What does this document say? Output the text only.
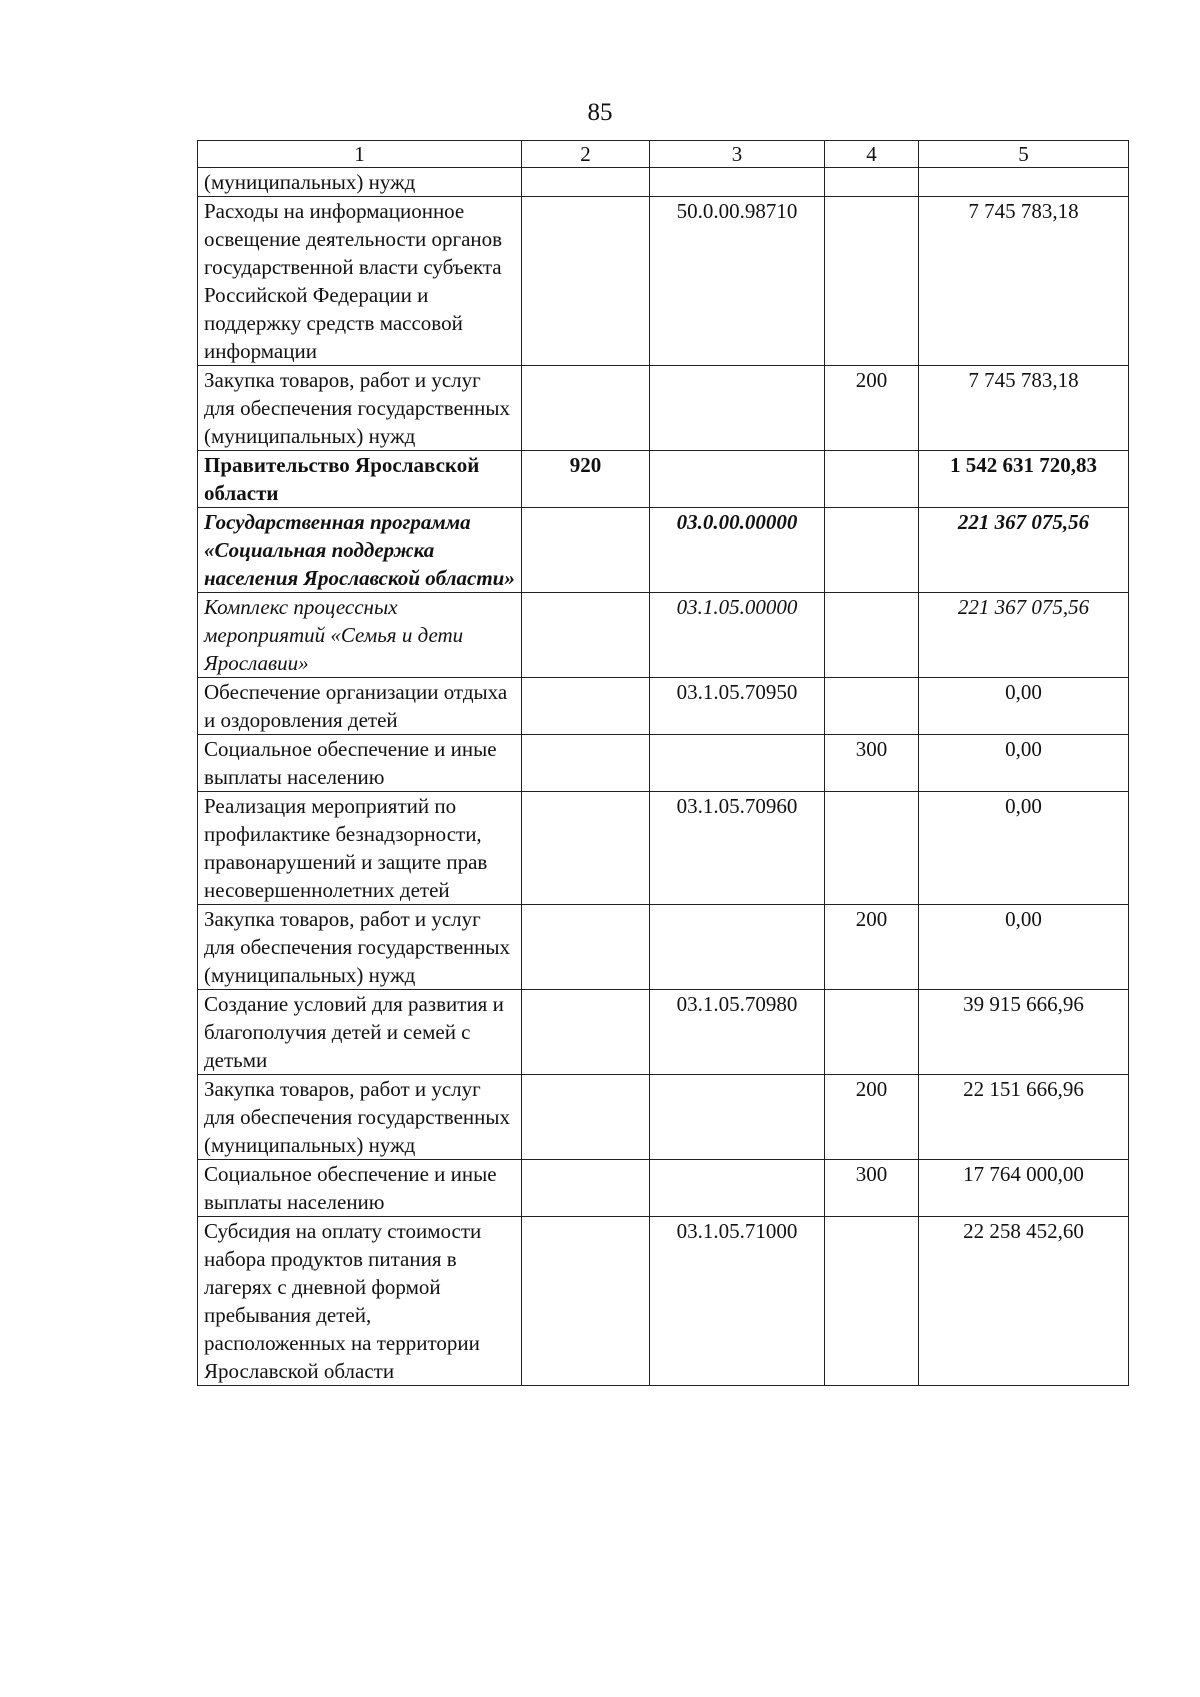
85
1	2	3	4	5
(муниципальных) нужд				
Расходы на информационное освещение деятельности органов государственной власти субъекта Российской Федерации и поддержку средств массовой информации		50.0.00.98710		7 745 783,18
Закупка товаров, работ и услуг для обеспечения государственных (муниципальных) нужд			200	7 745 783,18
Правительство Ярославской области	920			1 542 631 720,83
Государственная программа «Социальная поддержка населения Ярославской области»		03.0.00.00000		221 367 075,56
Комплекс процессных мероприятий «Семья и дети Ярославии»		03.1.05.00000		221 367 075,56
Обеспечение организации отдыха и оздоровления детей		03.1.05.70950		0,00
Социальное обеспечение и иные выплаты населению			300	0,00
Реализация мероприятий по профилактике безнадзорности, правонарушений и защите прав несовершеннолетних детей		03.1.05.70960		0,00
Закупка товаров, работ и услуг для обеспечения государственных (муниципальных) нужд			200	0,00
Создание условий для развития и благополучия детей и семей с детьми		03.1.05.70980		39 915 666,96
Закупка товаров, работ и услуг для обеспечения государственных (муниципальных) нужд			200	22 151 666,96
Социальное обеспечение и иные выплаты населению			300	17 764 000,00
Субсидия на оплату стоимости набора продуктов питания в лагерях с дневной формой пребывания детей, расположенных на территории Ярославской области		03.1.05.71000		22 258 452,60
